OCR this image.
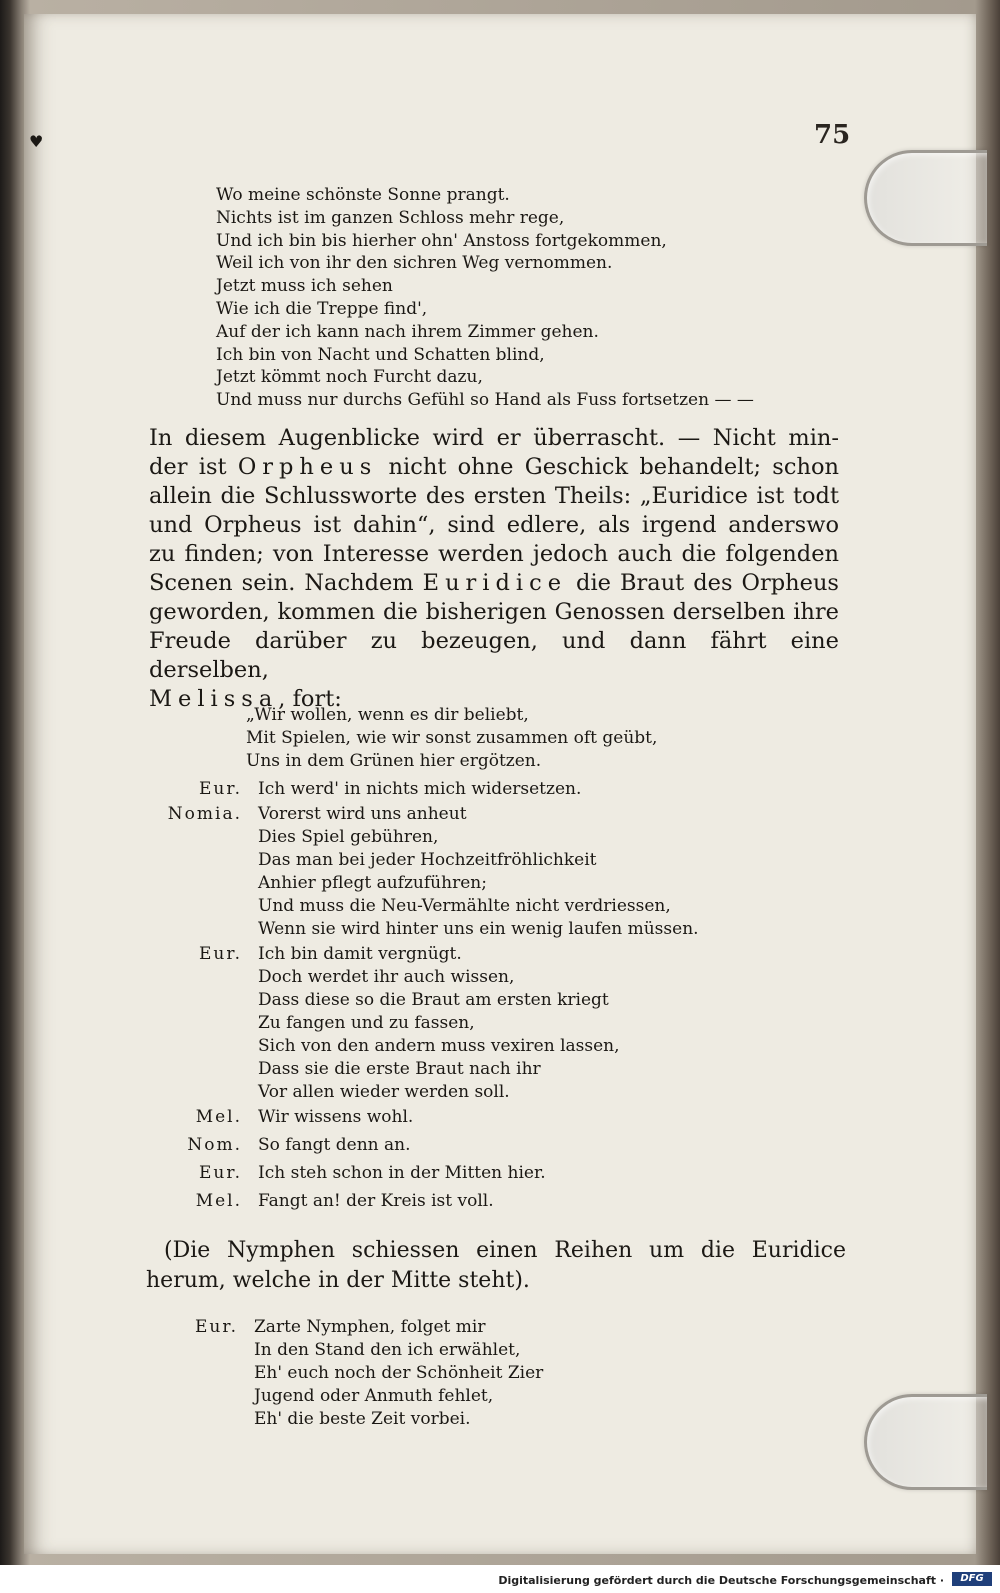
♥	75
Wo meine schönste Sonne prangt.
Nichts ist im ganzen Schloss mehr rege,
Und ich bin bis hierher ohn' Anstoss fortgekommen,
Weil ich von ihr den sichren Weg vernommen.
Jetzt muss ich sehen
Wie ich die Treppe find',
Auf der ich kann nach ihrem Zimmer gehen.
Ich bin von Nacht und Schatten blind,
Jetzt kömmt noch Furcht dazu,
Und muss nur durchs Gefühl so Hand als Fuss fortsetzen — —
In diesem Augenblicke wird er überrascht. — Nicht min-
der ist Orpheus nicht ohne Geschick behandelt; schon
allein die Schlussworte des ersten Theils: „Euridice ist todt
und Orpheus ist dahin“, sind edlere, als irgend anderswo
zu finden; von Interesse werden jedoch auch die folgenden
Scenen sein. Nachdem Euridice die Braut des Orpheus
geworden, kommen die bisherigen Genossen derselben ihre
Freude darüber zu bezeugen, und dann fährt eine derselben,
Melissa, fort:
„Wir wollen, wenn es dir beliebt,
Mit Spielen, wie wir sonst zusammen oft geübt,
Uns in dem Grünen hier ergötzen.
Eur. Ich werd' in nichts mich widersetzen.
Nomia. Vorerst wird uns anheut
Dies Spiel gebühren,
Das man bei jeder Hochzeitfröhlichkeit
Anhier pflegt aufzuführen;
Und muss die Neu-Vermählte nicht verdriessen,
Wenn sie wird hinter uns ein wenig laufen müssen.
Eur. Ich bin damit vergnügt.
Doch werdet ihr auch wissen,
Dass diese so die Braut am ersten kriegt
Zu fangen und zu fassen,
Sich von den andern muss vexiren lassen,
Dass sie die erste Braut nach ihr
Vor allen wieder werden soll.
Mel. Wir wissens wohl.
Nom. So fangt denn an.
Eur. Ich steh schon in der Mitten hier.
Mel. Fangt an! der Kreis ist voll.
(Die Nymphen schiessen einen Reihen um die Euridice
herum, welche in der Mitte steht).
Eur. Zarte Nymphen, folget mir
In den Stand den ich erwählet,
Eh' euch noch der Schönheit Zier
Jugend oder Anmuth fehlet,
Eh' die beste Zeit vorbei.
Digitalisierung gefördert durch die Deutsche Forschungsgemeinschaft ·	DFG
